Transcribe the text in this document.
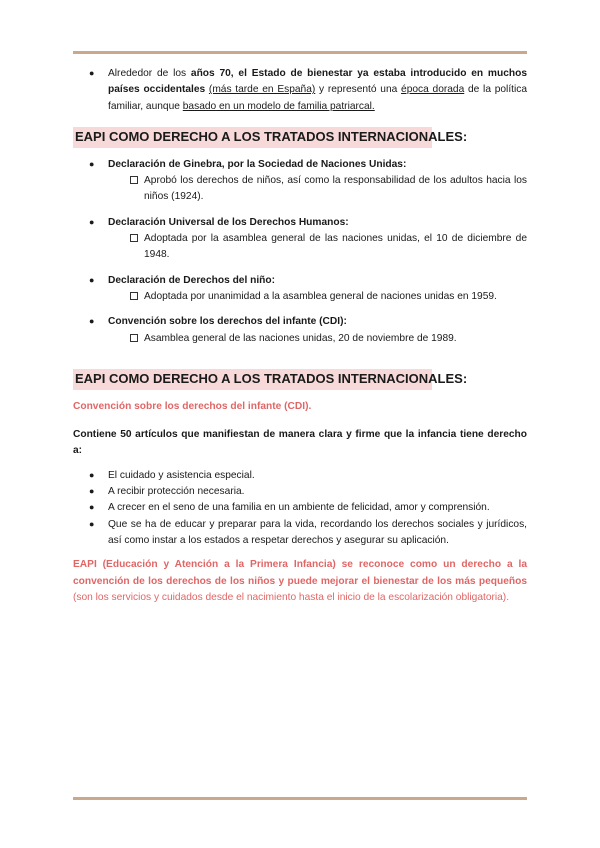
● Alrededor de los años 70, el Estado de bienestar ya estaba introducido en muchos países occidentales (más tarde en España) y representó una época dorada de la política familiar, aunque basado en un modelo de familia patriarcal.
EAPI COMO DERECHO A LOS TRATADOS INTERNACIONALES:
● Declaración de Ginebra, por la Sociedad de Naciones Unidas:
Aprobó los derechos de niños, así como la responsabilidad de los adultos hacia los niños (1924).
● Declaración Universal de los Derechos Humanos:
Adoptada por la asamblea general de las naciones unidas, el 10 de diciembre de 1948.
● Declaración de Derechos del niño:
Adoptada por unanimidad a la asamblea general de naciones unidas en 1959.
● Convención sobre los derechos del infante (CDI):
Asamblea general de las naciones unidas, 20 de noviembre de 1989.
EAPI COMO DERECHO A LOS TRATADOS INTERNACIONALES:
Convención sobre los derechos del infante (CDI).
Contiene 50 artículos que manifiestan de manera clara y firme que la infancia tiene derecho a:
● El cuidado y asistencia especial.
● A recibir protección necesaria.
● A crecer en el seno de una familia en un ambiente de felicidad, amor y comprensión.
● Que se ha de educar y preparar para la vida, recordando los derechos sociales y jurídicos, así como instar a los estados a respetar derechos y asegurar su aplicación.
EAPI (Educación y Atención a la Primera Infancia) se reconoce como un derecho a la convención de los derechos de los niños y puede mejorar el bienestar de los más pequeños (son los servicios y cuidados desde el nacimiento hasta el inicio de la escolarización obligatoria).
